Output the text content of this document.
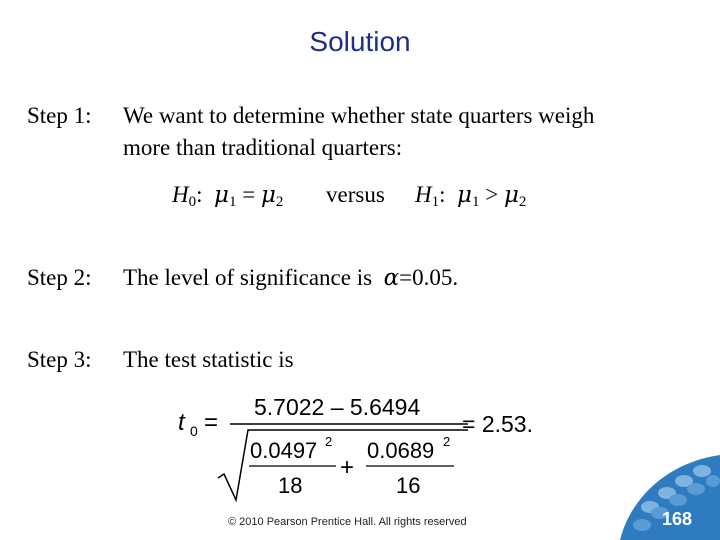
Solution
Step 1: We want to determine whether state quarters weigh
more than traditional quarters:
$H_0$: $\mu_1 = \mu_2$ versus $H_1$: $\mu_1 > \mu_2$
Step 2: The level of significance is α=0.05.
Step 3: The test statistic is
t 0 =
5.7022 – 5.6494
0.0497 2
18
+
0.0689 2
16
= 2.53.
© 2010 Pearson Prentice Hall. All rights reserved	168
